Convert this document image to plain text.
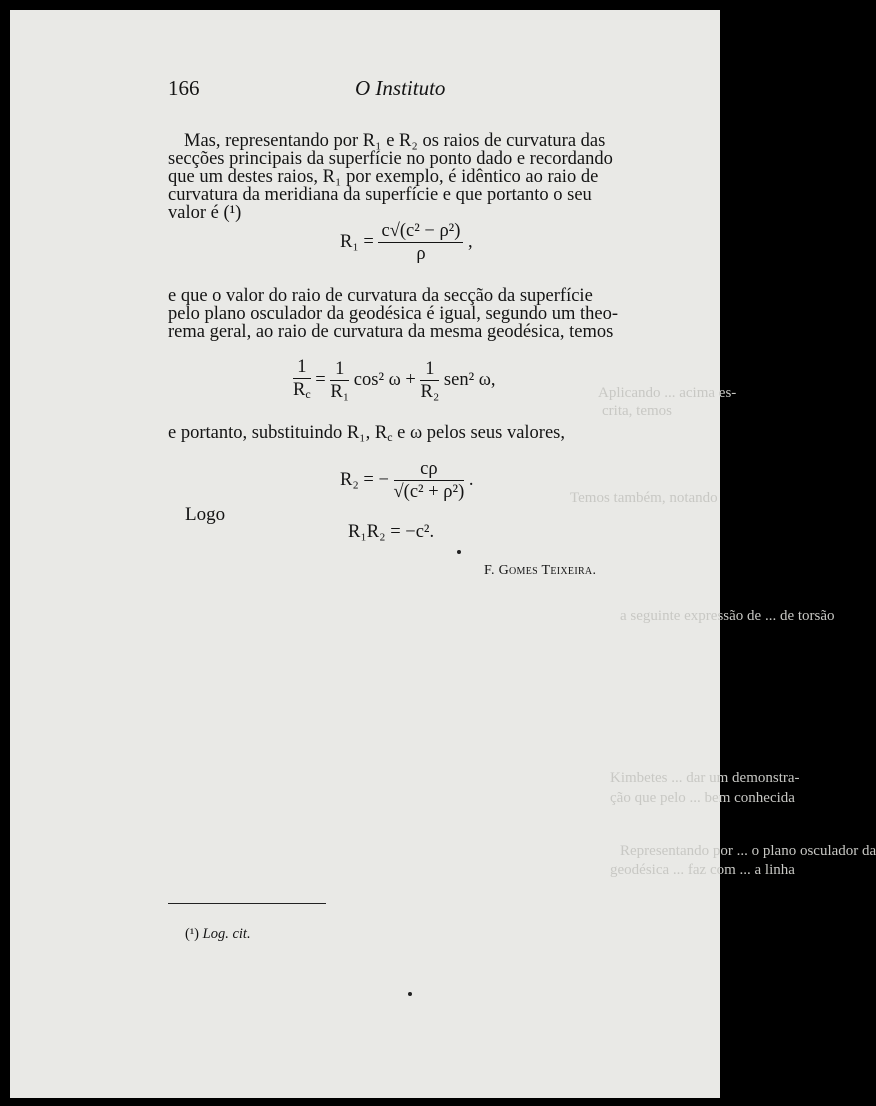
Aplicando ... acima es-
crita, temos
Temos também, notando
a seguinte expressão de ... de torsão
Kimbetes ... dar um demonstra-
ção que pelo ... bem conhecida
Representando por ... o plano osculador da
geodésica ... faz com ... a linha
166	O Instituto
Mas, representando por R₁ e R₂ os raios de curvatura das
secções principais da superfície no ponto dado e recordando
que um destes raios, R₁ por exemplo, é idêntico ao raio de
curvatura da meridiana da superfície e que portanto o seu
valor é (¹)
$R_1 = \frac{\text{c√(c² − ρ²)}}{\rho}$ ,
e que o valor do raio de curvatura da secção da superfície
pelo plano osculador da geodésica é igual, segundo um theo-
rema geral, ao raio de curvatura da mesma geodésica, temos
$\frac{1}{R_c} = \frac{1}{\text{R₁}} \cos^2$ $\omega + \frac{1}{\text{R₂}} sen^2$ ω,
e portanto, substituindo R₁, $R_c$ e ω pelos seus valores,
R₂ = − $\frac{c\rho}{\text{√(c² + ρ²)}}$ .
Logo
R₁R₂ = −c².
F. Gomes Teixeira.
(¹) Log. cit.
